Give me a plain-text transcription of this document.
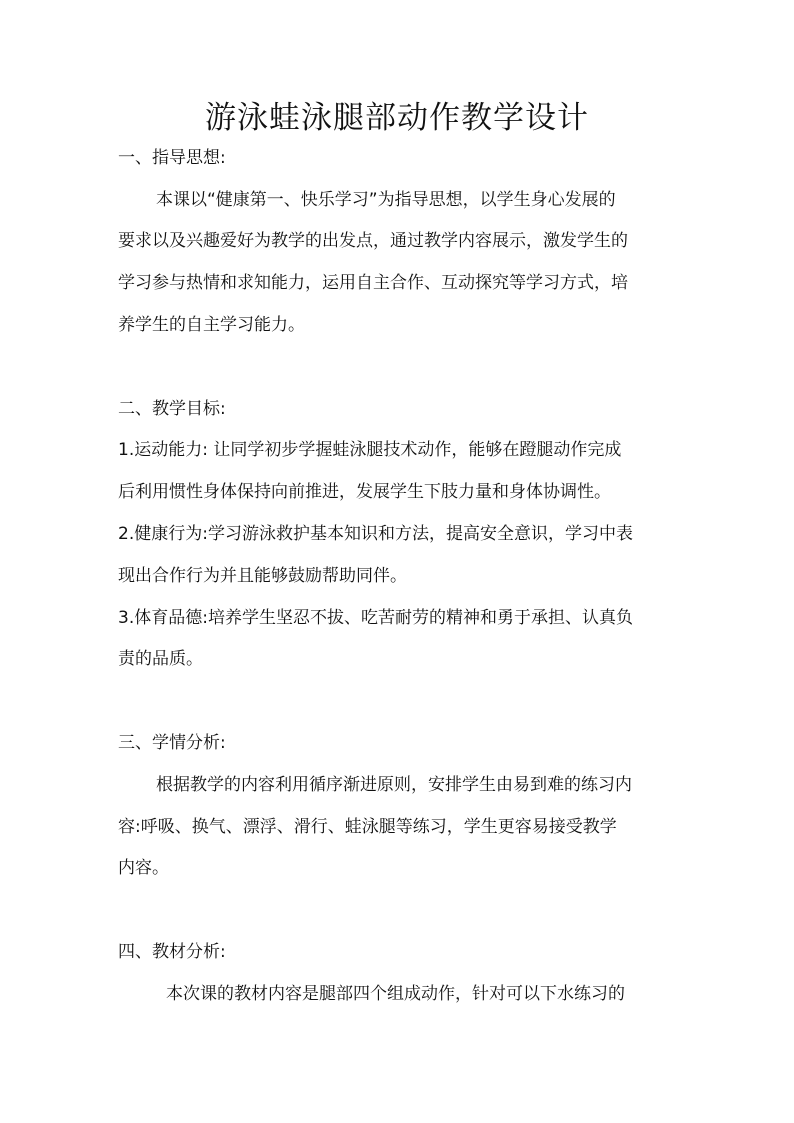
游泳蛙泳腿部动作教学设计

一、指导思想:

本课以“健康第一、快乐学习”为指导思想，以学生身心发展的

要求以及兴趣爱好为教学的出发点，通过教学内容展示，激发学生的

学习参与热情和求知能力，运用自主合作、互动探究等学习方式，培

养学生的自主学习能力。

二、教学目标:

1.运动能力: 让同学初步学握蛙泳腿技术动作，能够在蹬腿动作完成

后利用惯性身体保持向前推进，发展学生下肢力量和身体协调性。

2.健康行为:学习游泳救护基本知识和方法，提高安全意识，学习中表

现出合作行为并且能够鼓励帮助同伴。

3.体育品德:培养学生坚忍不拔、吃苦耐劳的精神和勇于承担、认真负

责的品质。

三、学情分析:

根据教学的内容利用循序渐进原则，安排学生由易到难的练习内

容:呼吸、换气、漂浮、滑行、蛙泳腿等练习，学生更容易接受教学

内容。

四、教材分析:

本次课的教材内容是腿部四个组成动作，针对可以下水练习的
